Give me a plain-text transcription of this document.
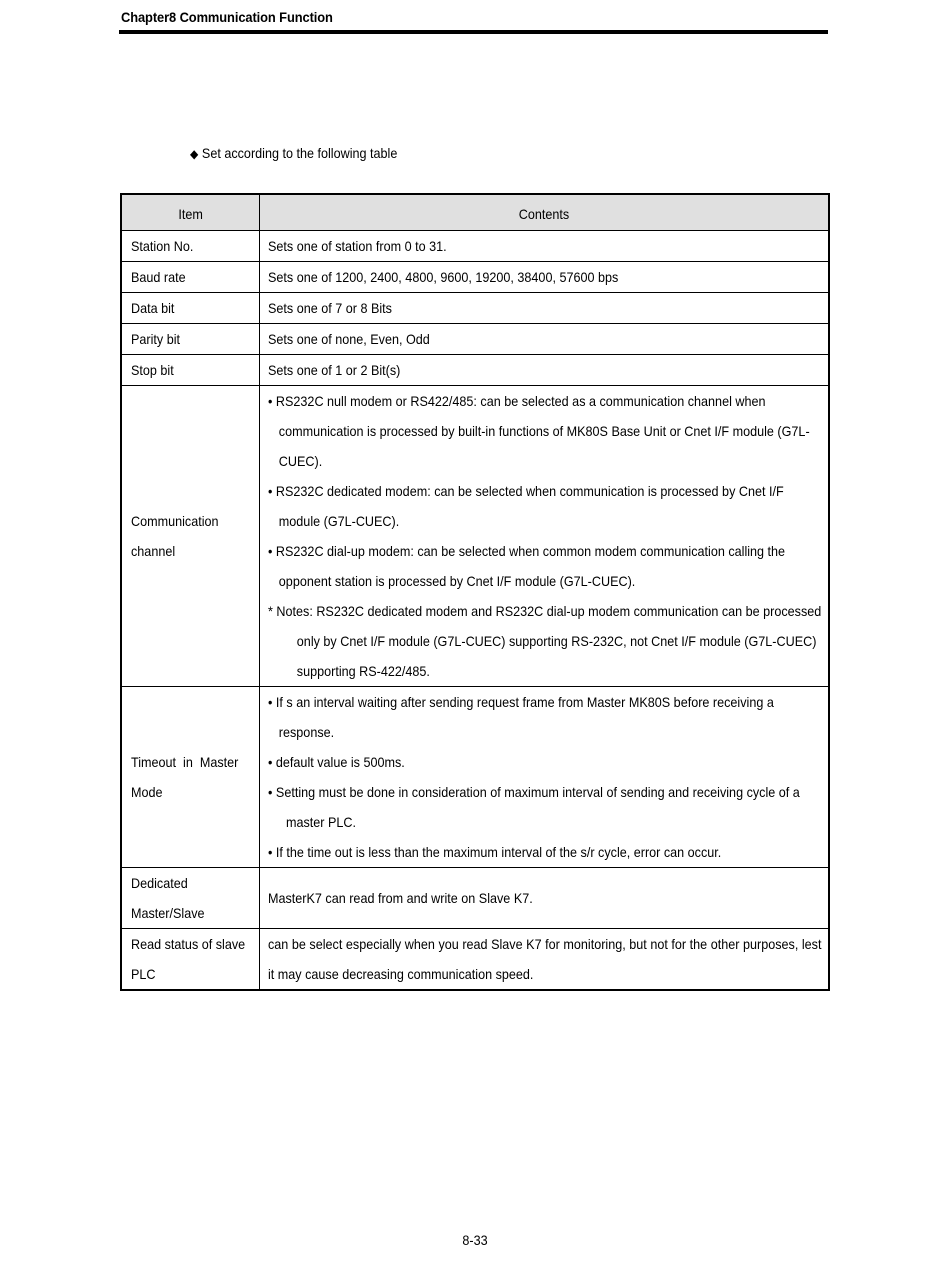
Chapter8 Communication Function
◆ Set according to the following table
Item	Contents
Station No.	Sets one of station from 0 to 31.
Baud rate	Sets one of 1200, 2400, 4800, 9600, 19200, 38400, 57600 bps
Data bit	Sets one of 7 or 8 Bits
Parity bit	Sets one of none, Even, Odd
Stop bit	Sets one of 1 or 2 Bit(s)

Communication channel	• RS232C null modem or RS422/485: can be selected as a communication channel when communication is processed by built-in functions of MK80S Base Unit or Cnet I/F module (G7L-CUEC).
• RS232C dedicated modem: can be selected when communication is processed by Cnet I/F module (G7L-CUEC).
• RS232C dial-up modem: can be selected when common modem communication calling the opponent station is processed by Cnet I/F module (G7L-CUEC).
* Notes: RS232C dedicated modem and RS232C dial-up modem communication can be processed only by Cnet I/F module (G7L-CUEC) supporting RS-232C, not Cnet I/F module (G7L-CUEC) supporting RS-422/485.

Timeout  in  Master Mode	• If s an interval waiting after sending request frame from Master MK80S before receiving a response.
• default value is 500ms.
• Setting must be done in consideration of maximum interval of sending and receiving cycle of a master PLC.
• If the time out is less than the maximum interval of the s/r cycle, error can occur.

Dedicated Master/Slave	MasterK7 can read from and write on Slave K7.

Read status of slave PLC	can be select especially when you read Slave K7 for monitoring, but not for the other purposes, lest it may cause decreasing communication speed.
8-33
